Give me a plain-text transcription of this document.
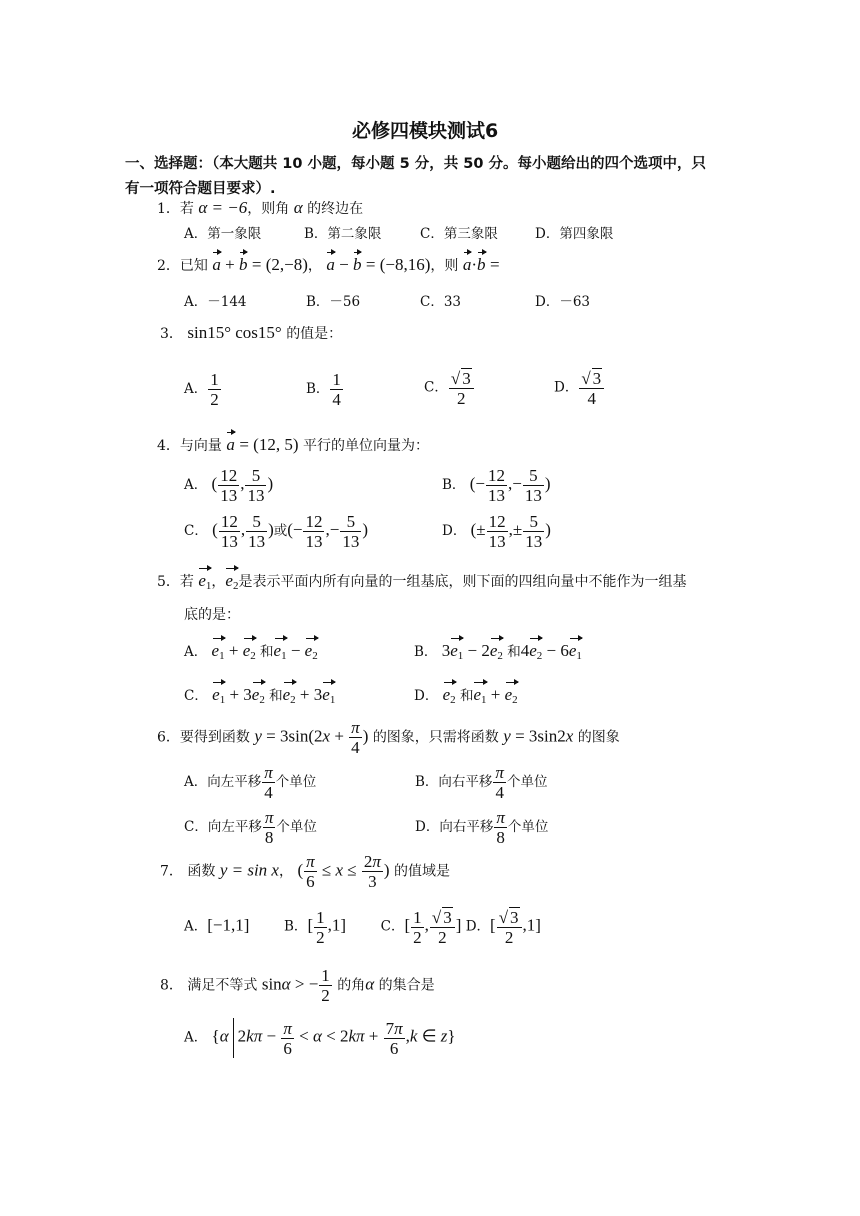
必修四模块测试6
一、选择题：（本大题共 10 小题，每小题 5 分，共 50 分。每小题给出的四个选项中，只
有一项符合题目要求）.
1．若 α = −6，则角 α 的终边在
A．第一象限	B．第二象限	C．第三象限	D．第四象限
2．已知 a + b = (2,−8)， a − b = (−8,16)，则 a·b =
A．－144	B．－56	C．33	D．－63
3． sin15° cos15° 的值是：
A． $\frac{1}{2}$	B． $\frac{1}{4}$	C． $\frac{√ 3}{2}$	D． $\frac{√ 3}{4}$
4．与向量 a = (12, 5) 平行的单位向量为：
A． ( $\frac{12}{13}$ , $\frac{5}{13}$ )	B． (− $\frac{12}{13}$ ,− $\frac{5}{13}$ )
C． ( $\frac{12}{13}$ , $\frac{5}{13}$ )或(− $\frac{12}{13}$ ,− $\frac{5}{13}$ )	D． (± $\frac{12}{13}$ ,± $\frac{5}{13}$ )
5．若 $e_1$，$e_2$是表示平面内所有向量的一组基底，则下面的四组向量中不能作为一组基
底的是：
A． $e_1 + e_2$ 和$e_1 - e_2$	B． $3e_1 - 2e_2$ 和$4e_2 - 6e_1$
C． $e_1 + 3e_2$ 和$e_2 + 3e_1$	D． $e_2$ 和$e_1 + e_2$
6．要得到函数 $y = 3\sin(2x + \frac{\pi}{4}$ ) 的图象，只需将函数 y = 3sin2x 的图象
A．向左平移 $\frac{\pi}{4}$ 个单位	B．向右平移 $\frac{\pi}{4}$ 个单位
C．向左平移 $\frac{\pi}{8}$ 个单位	D．向右平移 $\frac{\pi}{8}$ 个单位
7． 函数 y = sin x， ( $\frac{\pi}{6} \le x \le \frac{2\pi}{3}$ ) 的值域是
A．[−1,1]	B．[ $\frac{1}{2} ,1$]	C．[ $\frac{1}{2}$ , $\frac{√ 3}{2}$ ] D．[ $\frac{√ 3}{2} ,1$]
8． 满足不等式 sinα > − $\frac{1}{2}$ 的角α 的集合是
A． {α $2k\pi - \frac{\pi}{6} < \alpha < 2k\pi + \frac{7\pi}{6} ,k$ ∈ z}
